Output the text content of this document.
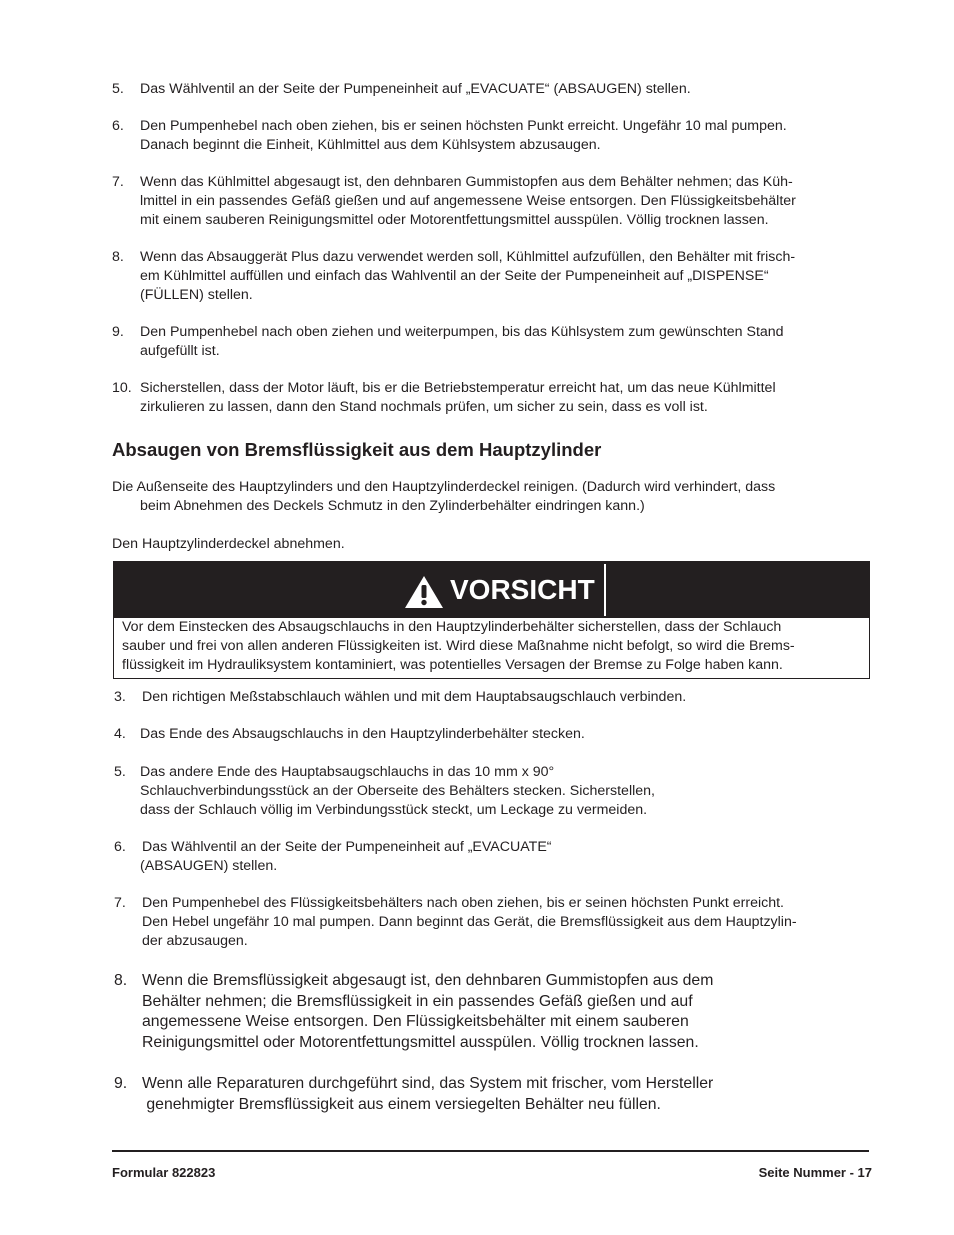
5.	Das Wählventil an der Seite der Pumpeneinheit auf „EVACUATE“ (ABSAUGEN) stellen.
6.	Den Pumpenhebel nach oben ziehen, bis er seinen höchsten Punkt erreicht. Ungefähr 10 mal pumpen.
Danach beginnt die Einheit, Kühlmittel aus dem Kühlsystem abzusaugen.
7.	Wenn das Kühlmittel abgesaugt ist, den dehnbaren Gummistopfen aus dem Behälter nehmen; das Küh-
lmittel in ein passendes Gefäß gießen und auf angemessene Weise entsorgen. Den Flüssigkeitsbehälter
mit einem sauberen Reinigungsmittel oder Motorentfettungsmittel ausspülen. Völlig trocknen lassen.
8.	Wenn das Absauggerät Plus dazu verwendet werden soll, Kühlmittel aufzufüllen, den Behälter mit frisch-
em Kühlmittel auffüllen und einfach das Wahlventil an der Seite der Pumpeneinheit auf „DISPENSE“
(FÜLLEN) stellen.
9.	Den Pumpenhebel nach oben ziehen und weiterpumpen, bis das Kühlsystem zum gewünschten Stand
aufgefüllt ist.
10. Sicherstellen, dass der Motor läuft, bis er die Betriebstemperatur erreicht hat, um das neue Kühlmittel
zirkulieren zu lassen, dann den Stand nochmals prüfen, um sicher zu sein, dass es voll ist.
Absaugen von Bremsflüssigkeit aus dem Hauptzylinder
Die Außenseite des Hauptzylinders und den Hauptzylinderdeckel reinigen. (Dadurch wird verhindert, dass
beim Abnehmen des Deckels Schmutz in den Zylinderbehälter eindringen kann.)
Den Hauptzylinderdeckel abnehmen.
VORSICHT
Vor dem Einstecken des Absaugschlauchs in den Hauptzylinderbehälter sicherstellen, dass der Schlauch
sauber und frei von allen anderen Flüssigkeiten ist. Wird diese Maßnahme nicht befolgt, so wird die Brems-
flüssigkeit im Hydrauliksystem kontaminiert, was potentielles Versagen der Bremse zu Folge haben kann.
3.	Den richtigen Meßstabschlauch wählen und mit dem Hauptabsaugschlauch verbinden.
4. Das Ende des Absaugschlauchs in den Hauptzylinderbehälter stecken.
5. Das andere Ende des Hauptabsaugschlauchs in das 10 mm x 90°
Schlauchverbindungsstück an der Oberseite des Behälters stecken. Sicherstellen,
dass der Schlauch völlig im Verbindungsstück steckt, um Leckage zu vermeiden.
6.	Das Wählventil an der Seite der Pumpeneinheit auf „EVACUATE“
(ABSAUGEN) stellen.
7.	Den Pumpenhebel des Flüssigkeitsbehälters nach oben ziehen, bis er seinen höchsten Punkt erreicht.
Den Hebel ungefähr 10 mal pumpen. Dann beginnt das Gerät, die Bremsflüssigkeit aus dem Hauptzylin-
der abzusaugen.
8. Wenn die Bremsflüssigkeit abgesaugt ist, den dehnbaren Gummistopfen aus dem
Behälter nehmen; die Bremsflüssigkeit in ein passendes Gefäß gießen und auf
angemessene Weise entsorgen. Den Flüssigkeitsbehälter mit einem sauberen
Reinigungsmittel oder Motorentfettungsmittel ausspülen. Völlig trocknen lassen.
9. Wenn alle Reparaturen durchgeführt sind, das System mit frischer, vom Hersteller
genehmigter Bremsflüssigkeit aus einem versiegelten Behälter neu füllen.
Formular 822823	Seite Nummer - 17
